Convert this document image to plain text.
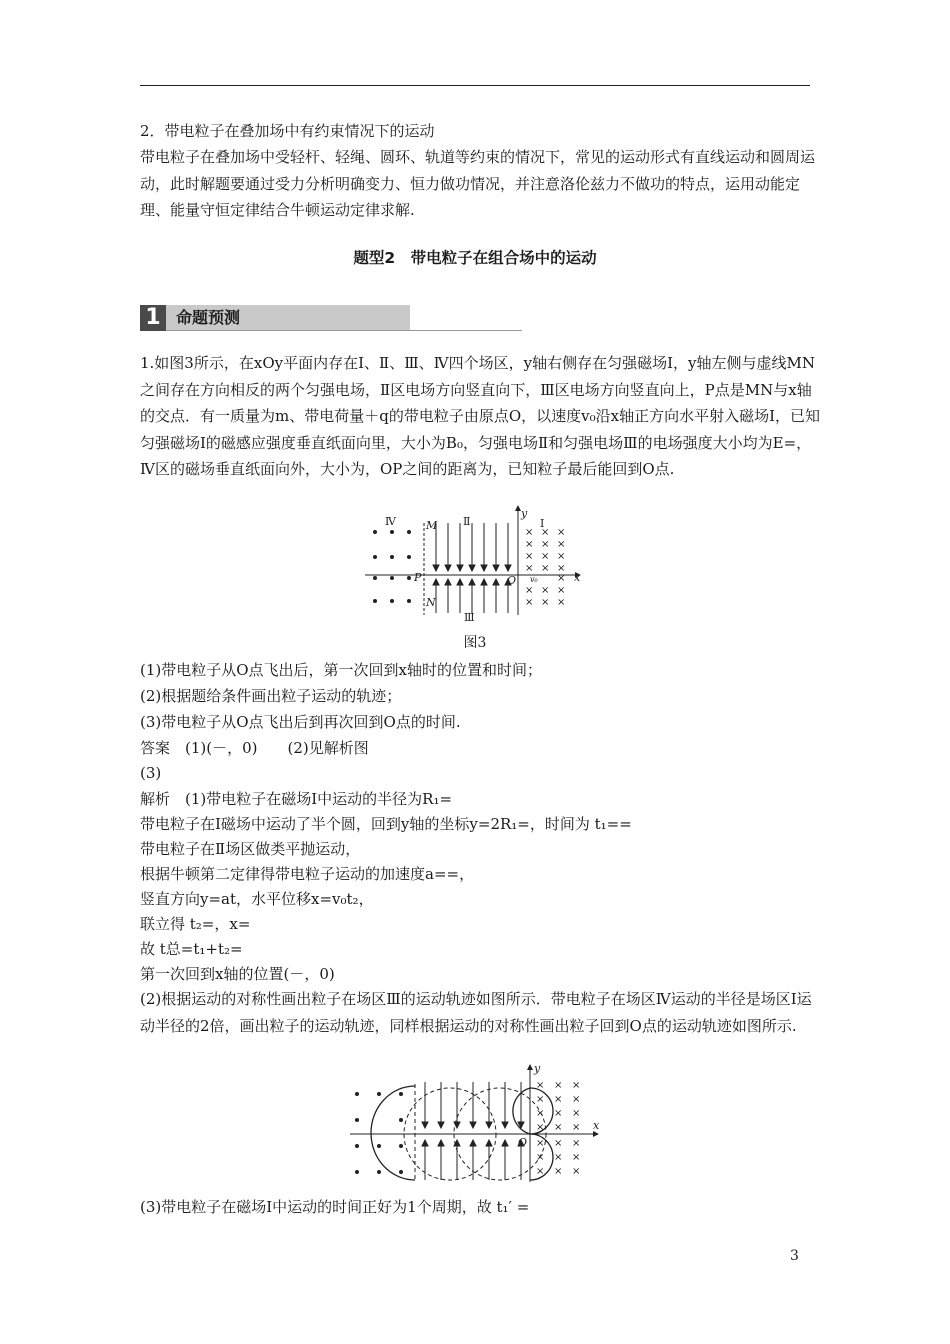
2．带电粒子在叠加场中有约束情况下的运动
带电粒子在叠加场中受轻杆、轻绳、圆环、轨道等约束的情况下，常见的运动形式有直线运动和圆周运动，此时解题要通过受力分析明确变力、恒力做功情况，并注意洛伦兹力不做功的特点，运用动能定理、能量守恒定律结合牛顿运动定律求解.
题型2　带电粒子在组合场中的运动
1 命题预测
1.如图3所示，在xOy平面内存在Ⅰ、Ⅱ、Ⅲ、Ⅳ四个场区，y轴右侧存在匀强磁场Ⅰ，y轴左侧与虚线MN之间存在方向相反的两个匀强电场，Ⅱ区电场方向竖直向下，Ⅲ区电场方向竖直向上，P点是MN与x轴的交点．有一质量为m、带电荷量＋q的带电粒子由原点O，以速度v₀沿x轴正方向水平射入磁场Ⅰ，已知匀强磁场Ⅰ的磁感应强度垂直纸面向里，大小为B₀，匀强电场Ⅱ和匀强电场Ⅲ的电场强度大小均为E=，Ⅳ区的磁场垂直纸面向外，大小为，OP之间的距离为，已知粒子最后能回到O点.
× × ×
× × ×
× × ×
× × ×
×
× × ×
× × ×
Ⅳ	M Ⅱ
y
Ⅰ
P	O v₀	x
N
Ⅲ
图3
(1)带电粒子从O点飞出后，第一次回到x轴时的位置和时间；
(2)根据题给条件画出粒子运动的轨迹；
(3)带电粒子从O点飞出后到再次回到O点的时间.
答案　(1)(－，0)　　(2)见解析图
(3)
解析　(1)带电粒子在磁场Ⅰ中运动的半径为R₁=
带电粒子在Ⅰ磁场中运动了半个圆，回到y轴的坐标y=2R₁=，时间为 t₁==
带电粒子在Ⅱ场区做类平抛运动，
根据牛顿第二定律得带电粒子运动的加速度a==，
竖直方向y=at，水平位移x=v₀t₂，
联立得 t₂=，x=
故 t总=t₁+t₂=
第一次回到x轴的位置(－，0)
(2)根据运动的对称性画出粒子在场区Ⅲ的运动轨迹如图所示．带电粒子在场区Ⅳ运动的半径是场区Ⅰ运动半径的2倍，画出粒子的运动轨迹，同样根据运动的对称性画出粒子回到O点的运动轨迹如图所示.
× × ×
× × ×
× × ×
× × ×
× × ×
× × ×
× × ×
y
O
x
(3)带电粒子在磁场Ⅰ中运动的时间正好为1个周期，故 t₁′ =
3
